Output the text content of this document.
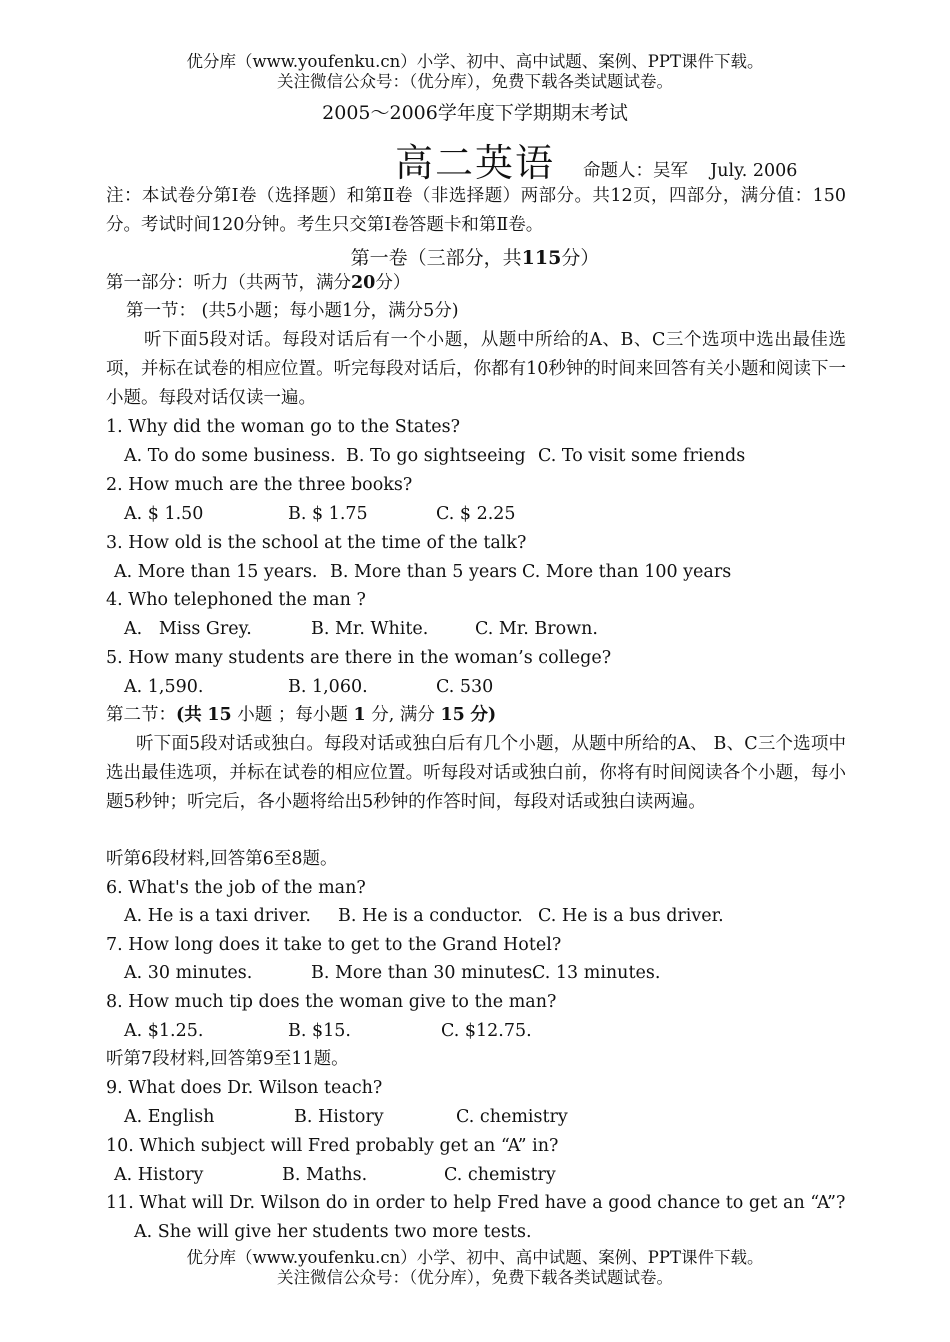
优分库（www.youfenku.cn）小学、初中、高中试题、案例、PPT课件下载。
关注微信公众号：（优分库），免费下载各类试题试卷。
2005～2006学年度下学期期末考试
高二英语 命题人：吴军    July. 2006
注：本试卷分第Ⅰ卷（选择题）和第Ⅱ卷（非选择题）两部分。共12页，四部分，满分值：150分。考试时间120分钟。考生只交第Ⅰ卷答题卡和第Ⅱ卷。
第一卷（三部分，共115分）
第一部分：听力（共两节，满分20分）
第一节： (共5小题；每小题1分，满分5分)
听下面5段对话。每段对话后有一个小题，从题中所给的A、B、C三个选项中选出最佳选项，并标在试卷的相应位置。听完每段对话后，你都有10秒钟的时间来回答有关小题和阅读下一小题。每段对话仅读一遍。
1. Why did the woman go to the States?
A. To do some business. B. To go sightseeing C. To visit some friends
2. How much are the three books?
A. $ 1.50	B. $ 1.75	C. $ 2.25
3. How old is the school at the time of the talk?
A. More than 15 years. B. More than 5 years C. More than 100 years
4. Who telephoned the man ?
A.   Miss Grey.	B. Mr. White.	C. Mr. Brown.
5. How many students are there in the woman’s college?
A. 1,590.	B. 1,060.	C. 530
第二节：(共 15 小题 ；每小题 1 分, 满分 15 分)
听下面5段对话或独白。每段对话或独白后有几个小题，从题中所给的A、 B、C三个选项中选出最佳选项，并标在试卷的相应位置。听每段对话或独白前，你将有时间阅读各个小题，每小题5秒钟；听完后，各小题将给出5秒钟的作答时间，每段对话或独白读两遍。
听第6段材料,回答第6至8题。
6. What's the job of the man?
A. He is a taxi driver. B. He is a conductor. C. He is a bus driver.
7. How long does it take to get to the Grand Hotel?
A. 30 minutes.	B. More than 30 minutes.
C. 13 minutes.
8. How much tip does the woman give to the man?
A. $1.25.	B. $15.	C. $12.75.
听第7段材料,回答第9至11题。
9. What does Dr. Wilson teach?
A. English	B. History	C. chemistry
10. Which subject will Fred probably get an “A” in?
A. History	B. Maths.	C. chemistry
11. What will Dr. Wilson do in order to help Fred have a good chance to get an “A”?
A. She will give her students two more tests.
优分库（www.youfenku.cn）小学、初中、高中试题、案例、PPT课件下载。
关注微信公众号：（优分库），免费下载各类试题试卷。
